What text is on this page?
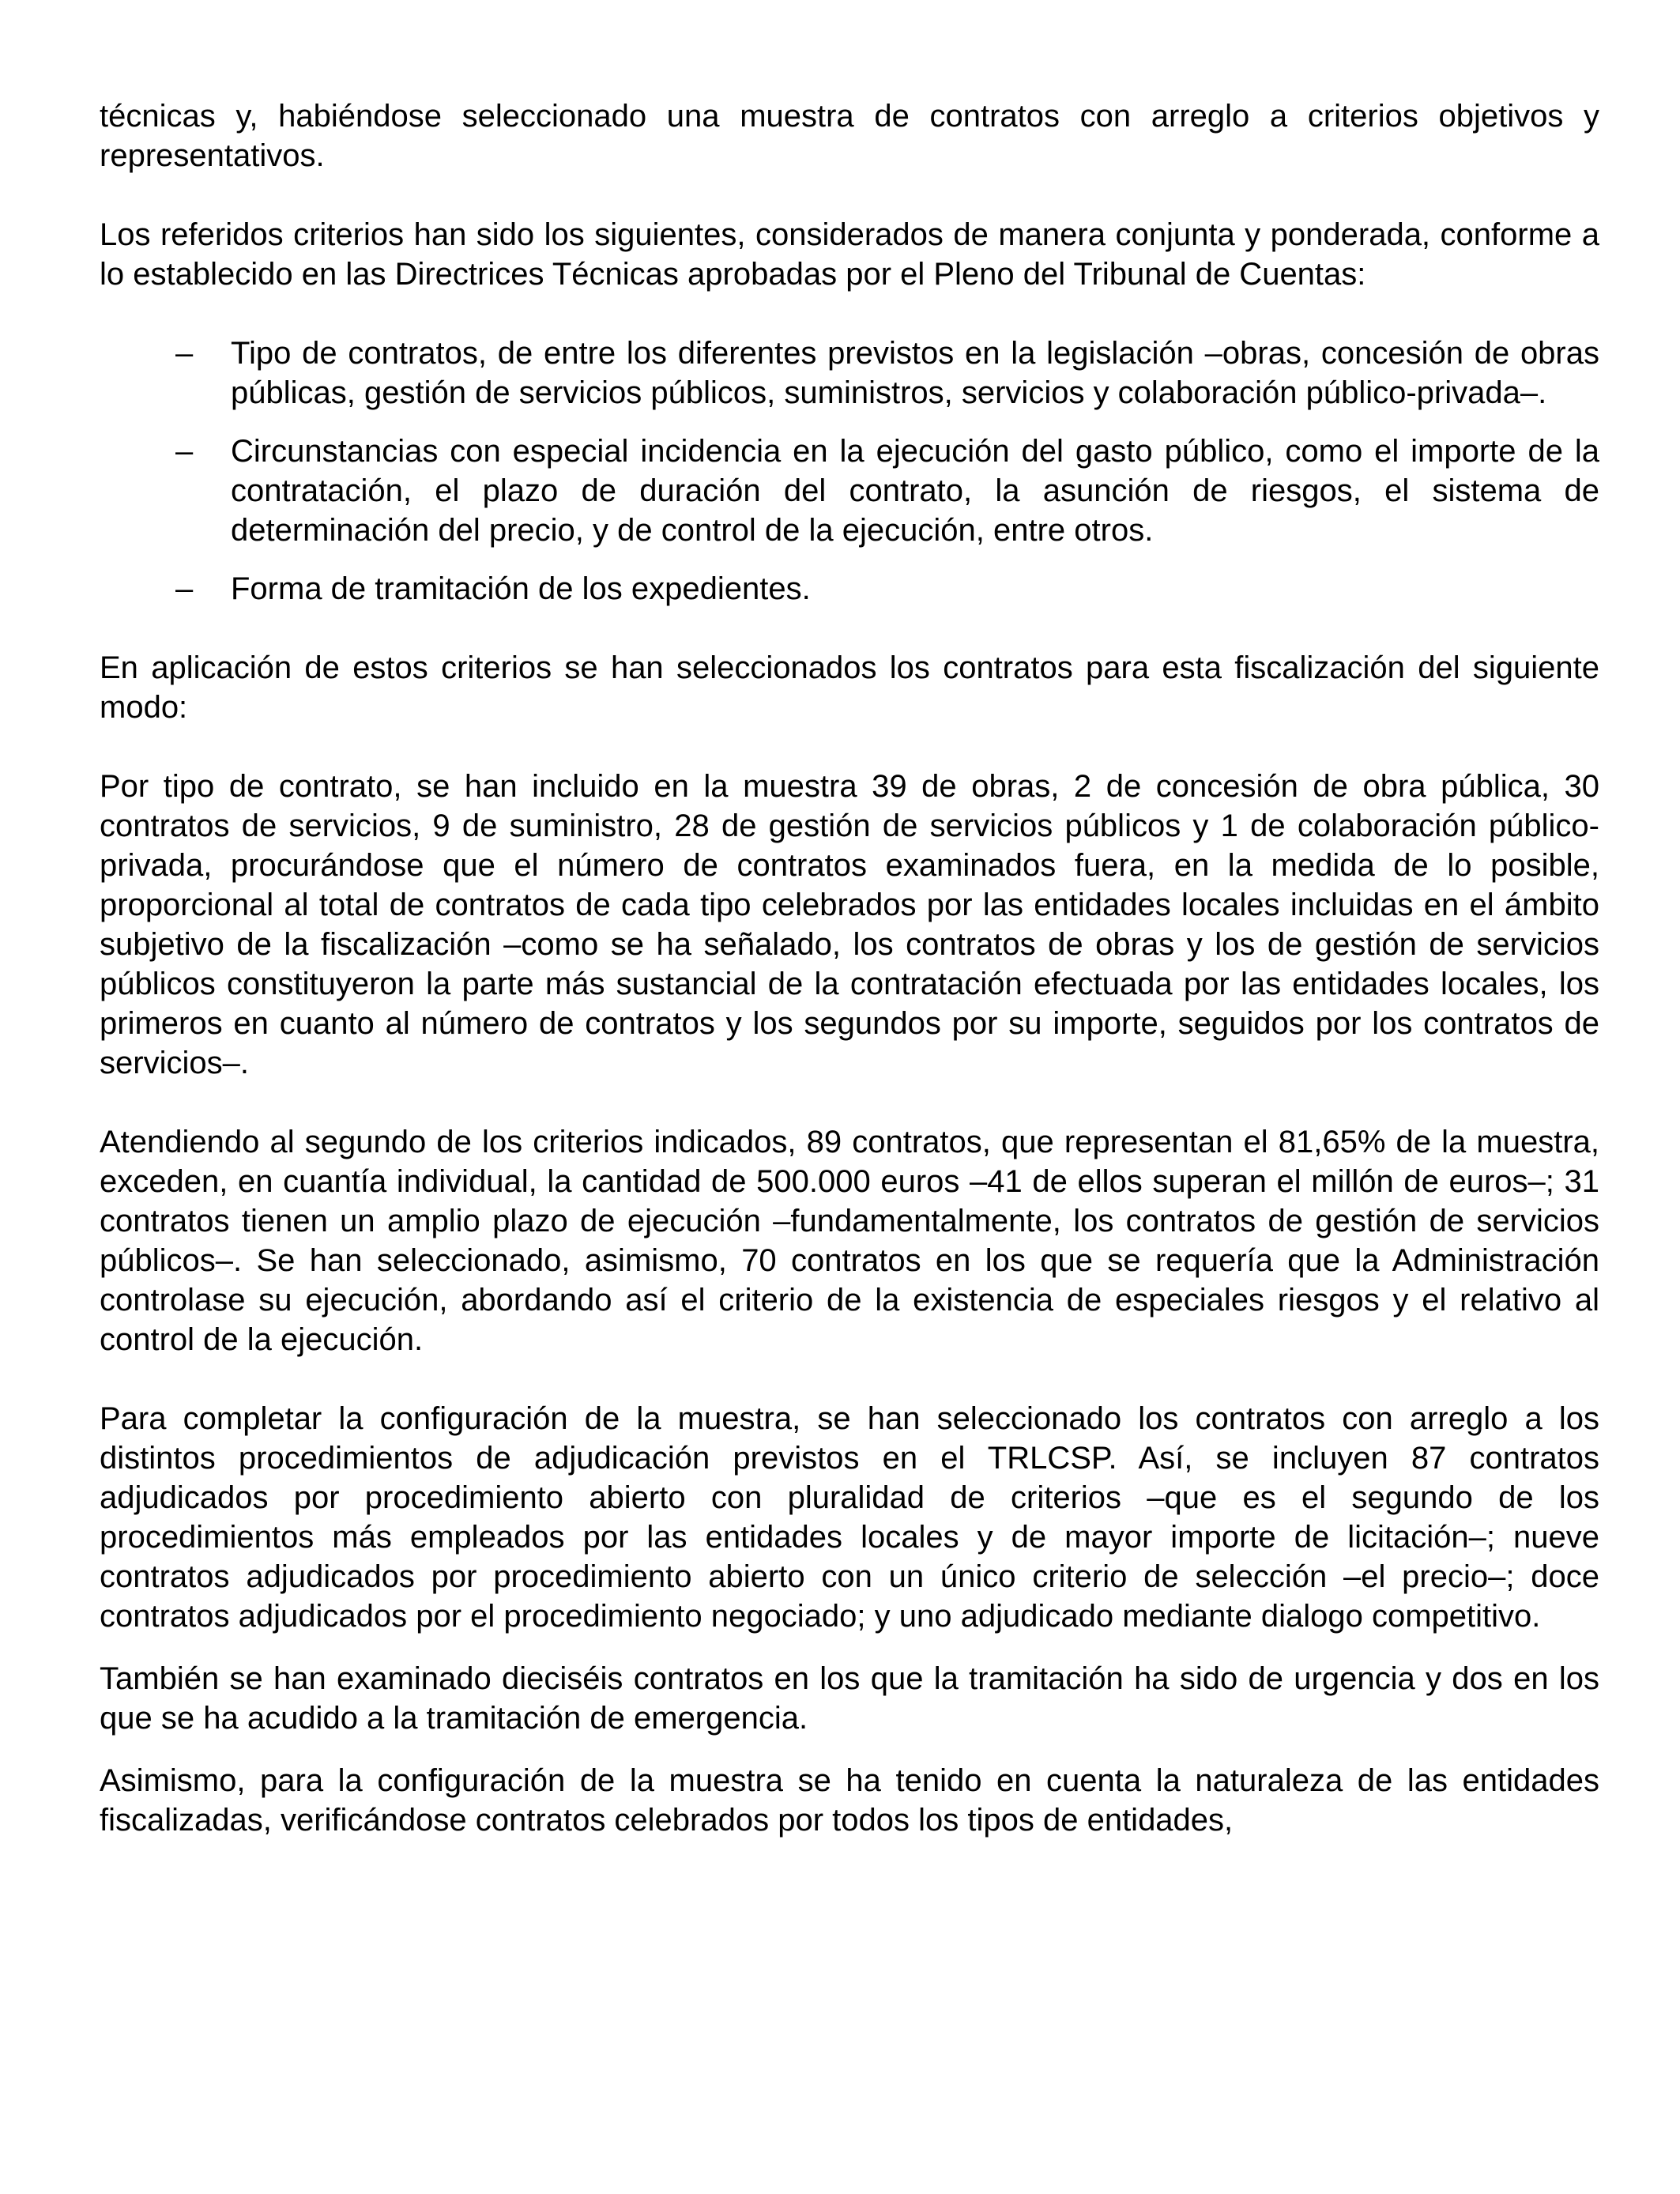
técnicas y, habiéndose seleccionado una muestra de contratos con arreglo a criterios objetivos y representativos.

Los referidos criterios han sido los siguientes, considerados de manera conjunta y ponderada, conforme a lo establecido en las Directrices Técnicas aprobadas por el Pleno del Tribunal de Cuentas:

– Tipo de contratos, de entre los diferentes previstos en la legislación –obras, concesión de obras públicas, gestión de servicios públicos, suministros, servicios y colaboración público-privada–.
– Circunstancias con especial incidencia en la ejecución del gasto público, como el importe de la contratación, el plazo de duración del contrato, la asunción de riesgos, el sistema de determinación del precio, y de control de la ejecución, entre otros.
– Forma de tramitación de los expedientes.

En aplicación de estos criterios se han seleccionados los contratos para esta fiscalización del siguiente modo:

Por tipo de contrato, se han incluido en la muestra 39 de obras, 2 de concesión de obra pública, 30 contratos de servicios, 9 de suministro, 28 de gestión de servicios públicos y 1 de colaboración público-privada, procurándose que el número de contratos examinados fuera, en la medida de lo posible, proporcional al total de contratos de cada tipo celebrados por las entidades locales incluidas en el ámbito subjetivo de la fiscalización –como se ha señalado, los contratos de obras y los de gestión de servicios públicos constituyeron la parte más sustancial de la contratación efectuada por las entidades locales, los primeros en cuanto al número de contratos y los segundos por su importe, seguidos por los contratos de servicios–.

Atendiendo al segundo de los criterios indicados, 89 contratos, que representan el 81,65% de la muestra, exceden, en cuantía individual, la cantidad de 500.000 euros –41 de ellos superan el millón de euros–; 31 contratos tienen un amplio plazo de ejecución –fundamentalmente, los contratos de gestión de servicios públicos–. Se han seleccionado, asimismo, 70 contratos en los que se requería que la Administración controlase su ejecución, abordando así el criterio de la existencia de especiales riesgos y el relativo al control de la ejecución.

Para completar la configuración de la muestra, se han seleccionado los contratos con arreglo a los distintos procedimientos de adjudicación previstos en el TRLCSP. Así, se incluyen 87 contratos adjudicados por procedimiento abierto con pluralidad de criterios –que es el segundo de los procedimientos más empleados por las entidades locales y de mayor importe de licitación–; nueve contratos adjudicados por procedimiento abierto con un único criterio de selección –el precio–; doce contratos adjudicados por el procedimiento negociado; y uno adjudicado mediante dialogo competitivo.

También se han examinado dieciséis contratos en los que la tramitación ha sido de urgencia y dos en los que se ha acudido a la tramitación de emergencia.

Asimismo, para la configuración de la muestra se ha tenido en cuenta la naturaleza de las entidades fiscalizadas, verificándose contratos celebrados por todos los tipos de entidades,
